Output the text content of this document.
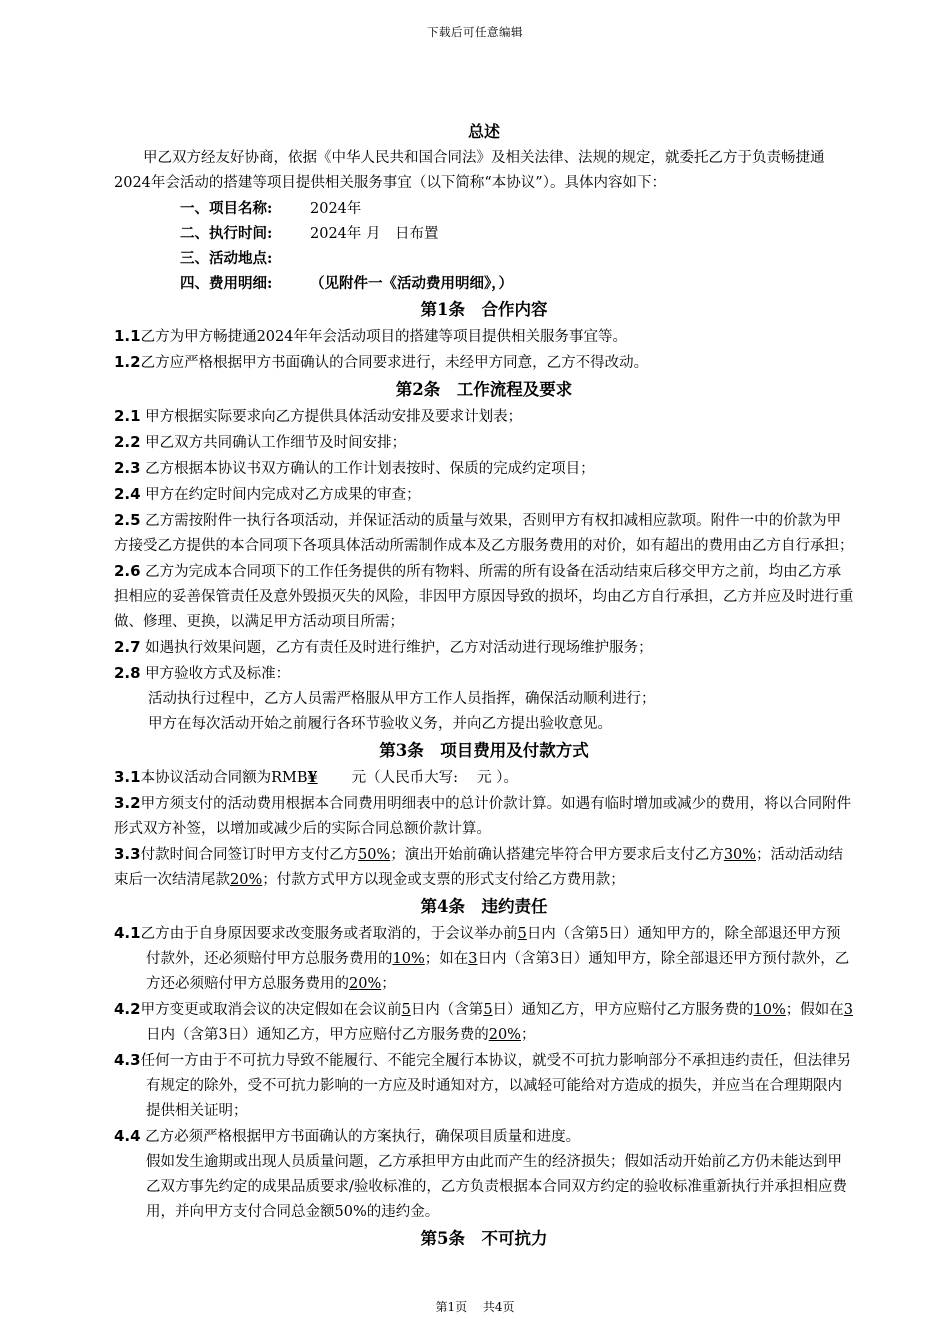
下载后可任意编辑
总述
甲乙双方经友好协商，依据《中华人民共和国合同法》及相关法律、法规的规定，就委托乙方于负责畅捷通2024年会活动的搭建等项目提供相关服务事宜（以下简称“本协议”）。具体内容如下：
一、项目名称:	2024年
二、执行时间:	2024年 月　日布置
三、活动地点:
四、费用明细:	（见附件一《活动费用明细》，）
第1条　合作内容
1.1乙方为甲方畅捷通2024年年会活动项目的搭建等项目提供相关服务事宜等。
1.2乙方应严格根据甲方书面确认的合同要求进行，未经甲方同意，乙方不得改动。
第2条　工作流程及要求
2.1 甲方根据实际要求向乙方提供具体活动安排及要求计划表；
2.2 甲乙双方共同确认工作细节及时间安排；
2.3 乙方根据本协议书双方确认的工作计划表按时、保质的完成约定项目；
2.4 甲方在约定时间内完成对乙方成果的审查；
2.5 乙方需按附件一执行各项活动，并保证活动的质量与效果，否则甲方有权扣减相应款项。附件一中的价款为甲方接受乙方提供的本合同项下各项具体活动所需制作成本及乙方服务费用的对价，如有超出的费用由乙方自行承担；
2.6 乙方为完成本合同项下的工作任务提供的所有物料、所需的所有设备在活动结束后移交甲方之前，均由乙方承担相应的妥善保管责任及意外毁损灭失的风险，非因甲方原因导致的损坏，均由乙方自行承担，乙方并应及时进行重做、修理、更换，以满足甲方活动项目所需；
2.7 如遇执行效果问题，乙方有责任及时进行维护，乙方对活动进行现场维护服务；
2.8 甲方验收方式及标准：
活动执行过程中，乙方人员需严格服从甲方工作人员指挥，确保活动顺利进行；
甲方在每次活动开始之前履行各环节验收义务，并向乙方提出验收意见。
第3条　项目费用及付款方式
3.1本协议活动合同额为RMB¥ 元（人民币大写:　 元 ）。
3.2甲方须支付的活动费用根据本合同费用明细表中的总计价款计算。如遇有临时增加或减少的费用，将以合同附件形式双方补签，以增加或减少后的实际合同总额价款计算。
3.3付款时间合同签订时甲方支付乙方50%；演出开始前确认搭建完毕符合甲方要求后支付乙方30%；活动活动结束后一次结清尾款20%；付款方式甲方以现金或支票的形式支付给乙方费用款；
第4条　违约责任
4.1乙方由于自身原因要求改变服务或者取消的，于会议举办前5日内（含第5日）通知甲方的，除全部退还甲方预付款外，还必须赔付甲方总服务费用的10%；如在3日内（含第3日）通知甲方，除全部退还甲方预付款外，乙方还必须赔付甲方总服务费用的20%；
4.2甲方变更或取消会议的决定假如在会议前5日内（含第5日）通知乙方，甲方应赔付乙方服务费的10%；假如在3日内（含第3日）通知乙方，甲方应赔付乙方服务费的20%；
4.3任何一方由于不可抗力导致不能履行、不能完全履行本协议，就受不可抗力影响部分不承担违约责任，但法律另有规定的除外，受不可抗力影响的一方应及时通知对方，以减轻可能给对方造成的损失，并应当在合理期限内提供相关证明；
4.4 乙方必须严格根据甲方书面确认的方案执行，确保项目质量和进度。
假如发生逾期或出现人员质量问题，乙方承担甲方由此而产生的经济损失；假如活动开始前乙方仍未能达到甲乙双方事先约定的成果品质要求/验收标准的，乙方负责根据本合同双方约定的验收标准重新执行并承担相应费用，并向甲方支付合同总金额50%的违约金。
第5条　不可抗力
第1页　 共4页
